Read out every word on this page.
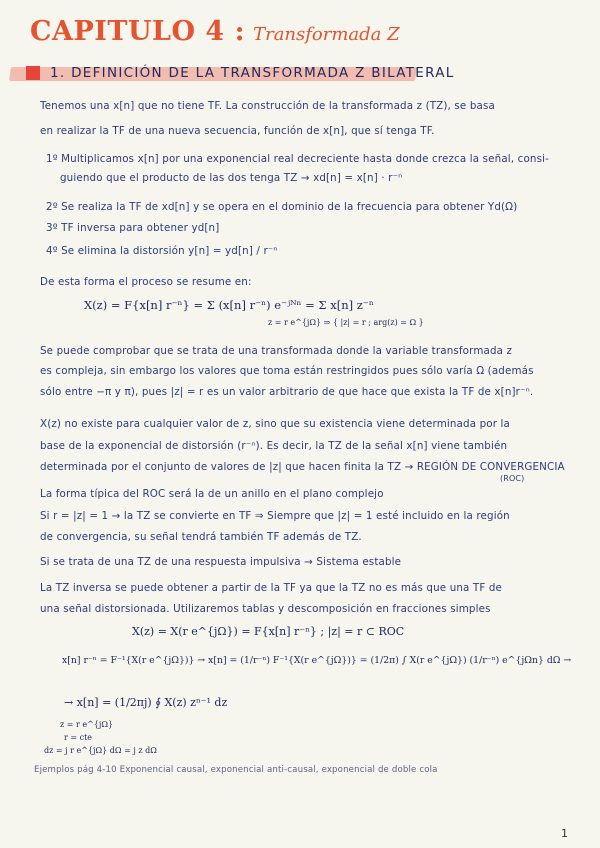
CAPITULO 4 : Transformada Z
1. DEFINICIÓN DE LA TRANSFORMADA Z BILATERAL
Tenemos una x[n] que no tiene TF. La construcción de la transformada z (TZ), se basa
en realizar la TF de una nueva secuencia, función de x[n], que sí tenga TF.
1º Multiplicamos x[n] por una exponencial real decreciente hasta donde crezca la señal, consi-
guiendo que el producto de las dos tenga TZ → xd[n] = x[n] · r⁻ⁿ
2º Se realiza la TF de xd[n] y se opera en el dominio de la frecuencia para obtener Yd(Ω)
3º TF inversa para obtener yd[n]
4º Se elimina la distorsión y[n] = yd[n] / r⁻ⁿ
De esta forma el proceso se resume en:
X(z) = F{x[n] r⁻ⁿ} = Σ (x[n] r⁻ⁿ) e⁻ʲᴺⁿ = Σ x[n] z⁻ⁿ
z = r e^{jΩ} ⇒ { |z| = r ; arg(z) = Ω }
Se puede comprobar que se trata de una transformada donde la variable transformada z
es compleja, sin embargo los valores que toma están restringidos pues sólo varía Ω (además
sólo entre −π y π), pues |z| = r es un valor arbitrario de que hace que exista la TF de x[n]r⁻ⁿ.
X(z) no existe para cualquier valor de z, sino que su existencia viene determinada por la
base de la exponencial de distorsión (r⁻ⁿ). Es decir, la TZ de la señal x[n] viene también
determinada por el conjunto de valores de |z| que hacen finita la TZ → REGIÓN DE CONVERGENCIA
(ROC)
La forma típica del ROC será la de un anillo en el plano complejo
Si r = |z| = 1 → la TZ se convierte en TF ⇒ Siempre que |z| = 1 esté incluido en la región
de convergencia, su señal tendrá también TF además de TZ.
Si se trata de una TZ de una respuesta impulsiva → Sistema estable
La TZ inversa se puede obtener a partir de la TF ya que la TZ no es más que una TF de
una señal distorsionada. Utilizaremos tablas y descomposición en fracciones simples
X(z) = X(r e^{jΩ}) = F{x[n] r⁻ⁿ} ; |z| = r ⊂ ROC
x[n] r⁻ⁿ = F⁻¹{X(r e^{jΩ})} → x[n] = (1/r⁻ⁿ) F⁻¹{X(r e^{jΩ})} = (1/2π) ∫ X(r e^{jΩ}) (1/r⁻ⁿ) e^{jΩn} dΩ →
→ x[n] = (1/2πj) ∮ X(z) zⁿ⁻¹ dz
z = r e^{jΩ}
r = cte
dz = j r e^{jΩ} dΩ = j z dΩ
Ejemplos pág 4-10 Exponencial causal, exponencial anti-causal, exponencial de doble cola
1
